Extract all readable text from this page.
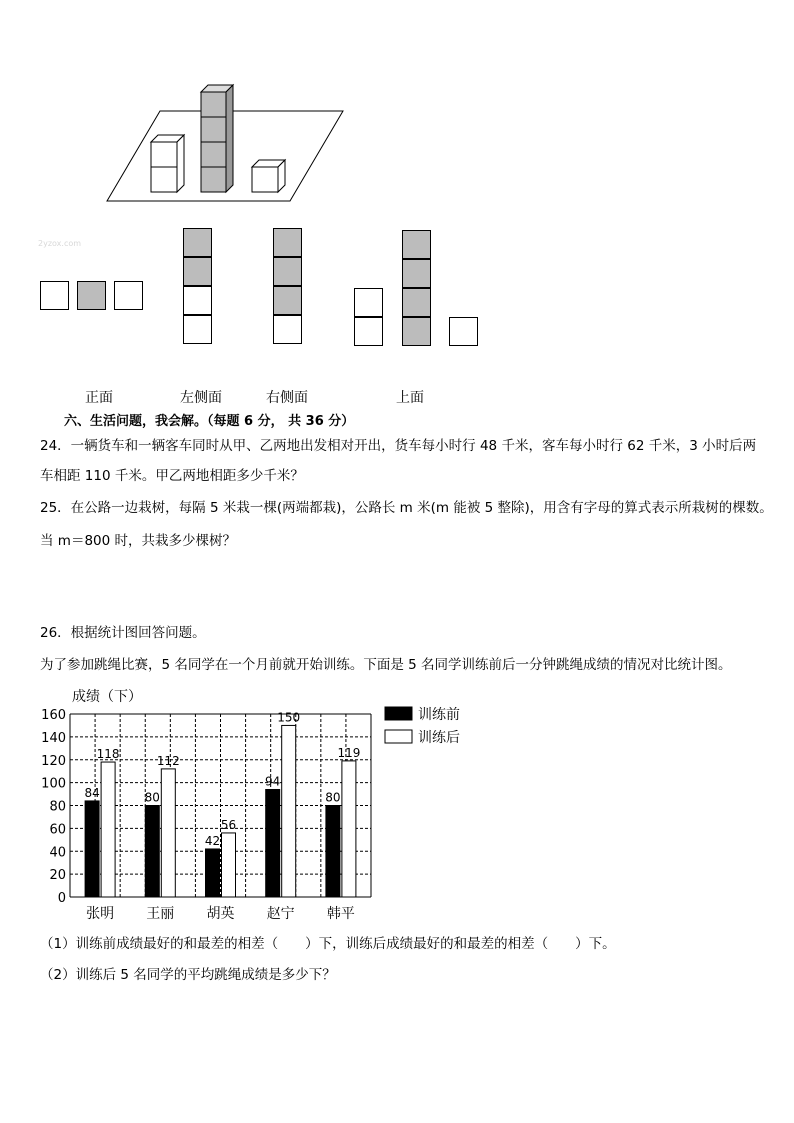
2yzox.com
正面	左侧面	右侧面	上面
六、生活问题，我会解。（每题 6 分， 共 36 分）
24．一辆货车和一辆客车同时从甲、乙两地出发相对开出，货车每小时行 48 千米，客车每小时行 62 千米，3 小时后两
车相距 110 千米。甲乙两地相距多少千米？
25．在公路一边栽树，每隔 5 米栽一棵(两端都栽)，公路长 m 米(m 能被 5 整除)，用含有字母的算式表示所栽树的棵数。
当 m＝800 时，共栽多少棵树？
26．根据统计图回答问题。
为了参加跳绳比赛，5 名同学在一个月前就开始训练。下面是 5 名同学训练前后一分钟跳绳成绩的情况对比统计图。
成绩（下）
0
20
40
60
80
100
120
140
160
84
118
张明
80
112
王丽
42
56
胡英
94
150
赵宁
80
119
韩平
训练前
训练后
（1）训练前成绩最好的和最差的相差（　　）下，训练后成绩最好的和最差的相差（　　）下。
（2）训练后 5 名同学的平均跳绳成绩是多少下？
